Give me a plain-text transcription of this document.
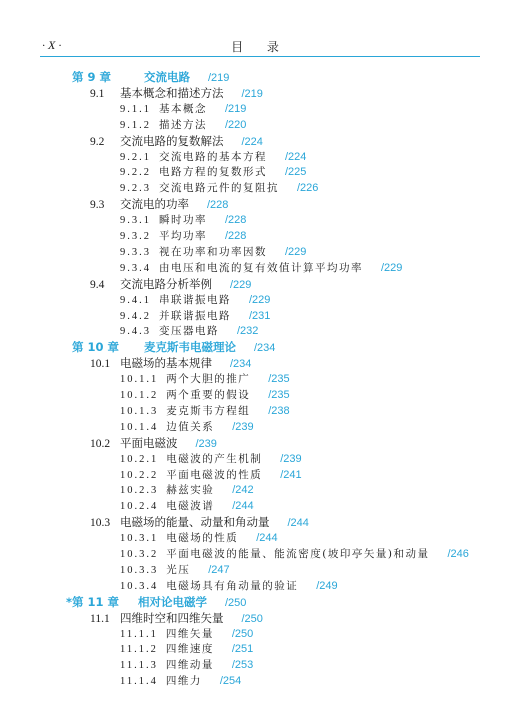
· X ·	目 录
第 9 章	交流电路 /219
9.1 基本概念和描述方法 /219
9.1.1 基本概念 /219
9.1.2 描述方法 /220
9.2 交流电路的复数解法 /224
9.2.1 交流电路的基本方程 /224
9.2.2 电路方程的复数形式 /225
9.2.3 交流电路元件的复阻抗 /226
9.3 交流电的功率 /228
9.3.1 瞬时功率 /228
9.3.2 平均功率 /228
9.3.3 视在功率和功率因数 /229
9.3.4 由电压和电流的复有效值计算平均功率 /229
9.4 交流电路分析举例 /229
9.4.1 串联谐振电路 /229
9.4.2 并联谐振电路 /231
9.4.3 变压器电路 /232
第 10 章 麦克斯韦电磁理论 /234
10.1 电磁场的基本规律 /234
10.1.1 两个大胆的推广 /235
10.1.2 两个重要的假设 /235
10.1.3 麦克斯韦方程组 /238
10.1.4 边值关系 /239
10.2 平面电磁波 /239
10.2.1 电磁波的产生机制 /239
10.2.2 平面电磁波的性质 /241
10.2.3 赫兹实验 /242
10.2.4 电磁波谱 /244
10.3 电磁场的能量、动量和角动量 /244
10.3.1 电磁场的性质 /244
10.3.2 平面电磁波的能量、能流密度(坡印亭矢量)和动量 /246
10.3.3 光压 /247
10.3.4 电磁场具有角动量的验证 /249
*第 11 章 相对论电磁学 /250
11.1 四维时空和四维矢量 /250
11.1.1 四维矢量 /250
11.1.2 四维速度 /251
11.1.3 四维动量 /253
11.1.4 四维力 /254
